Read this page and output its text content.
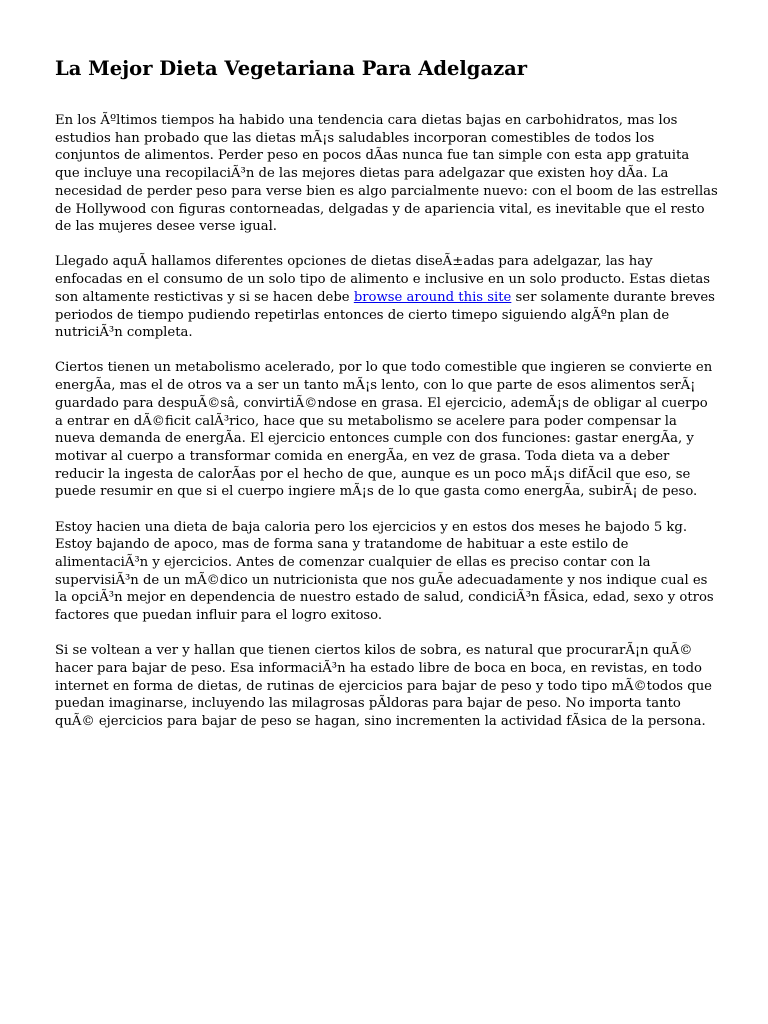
La Mejor Dieta Vegetariana Para Adelgazar

En los Ãºltimos tiempos ha habido una tendencia cara dietas bajas en carbohidratos, mas los estudios han probado que las dietas mÃ¡s saludables incorporan comestibles de todos los conjuntos de alimentos. Perder peso en pocos dÃas nunca fue tan simple con esta app gratuita que incluye una recopilaciÃ³n de las mejores dietas para adelgazar que existen hoy dÃa. La necesidad de perder peso para verse bien es algo parcialmente nuevo: con el boom de las estrellas de Hollywood con figuras contorneadas, delgadas y de apariencia vital, es inevitable que el resto de las mujeres desee verse igual.

Llegado aquÃ hallamos diferentes opciones de dietas diseÃ±adas para adelgazar, las hay enfocadas en el consumo de un solo tipo de alimento e inclusive en un solo producto. Estas dietas son altamente restictivas y si se hacen debe browse around this site ser solamente durante breves periodos de tiempo pudiendo repetirlas entonces de cierto timepo siguiendo algÃºn plan de nutriciÃ³n completa.

Ciertos tienen un metabolismo acelerado, por lo que todo comestible que ingieren se convierte en energÃa, mas el de otros va a ser un tanto mÃ¡s lento, con lo que parte de esos alimentos serÃ¡ guardado para despuÃ©sâ, convirtiÃ©ndose en grasa. El ejercicio, ademÃ¡s de obligar al cuerpo a entrar en dÃ©ficit calÃ³rico, hace que su metabolismo se acelere para poder compensar la nueva demanda de energÃa. El ejercicio entonces cumple con dos funciones: gastar energÃa, y motivar al cuerpo a transformar comida en energÃa, en vez de grasa. Toda dieta va a deber reducir la ingesta de calorÃas por el hecho de que, aunque es un poco mÃ¡s difÃcil que eso, se puede resumir en que si el cuerpo ingiere mÃ¡s de lo que gasta como energÃa, subirÃ¡ de peso.

Estoy hacien una dieta de baja caloria pero los ejercicios y en estos dos meses he bajodo 5 kg. Estoy bajando de apoco, mas de forma sana y tratandome de habituar a este estilo de alimentaciÃ³n y ejercicios. Antes de comenzar cualquier de ellas es preciso contar con la supervisiÃ³n de un mÃ©dico un nutricionista que nos guÃe adecuadamente y nos indique cual es la opciÃ³n mejor en dependencia de nuestro estado de salud, condiciÃ³n fÃsica, edad, sexo y otros factores que puedan influir para el logro exitoso.

Si se voltean a ver y hallan que tienen ciertos kilos de sobra, es natural que procurarÃ¡n quÃ© hacer para bajar de peso. Esa informaciÃ³n ha estado libre de boca en boca, en revistas, en todo internet en forma de dietas, de rutinas de ejercicios para bajar de peso y todo tipo mÃ©todos que puedan imaginarse, incluyendo las milagrosas pÃldoras para bajar de peso. No importa tanto quÃ© ejercicios para bajar de peso se hagan, sino incrementen la actividad fÃsica de la persona.
